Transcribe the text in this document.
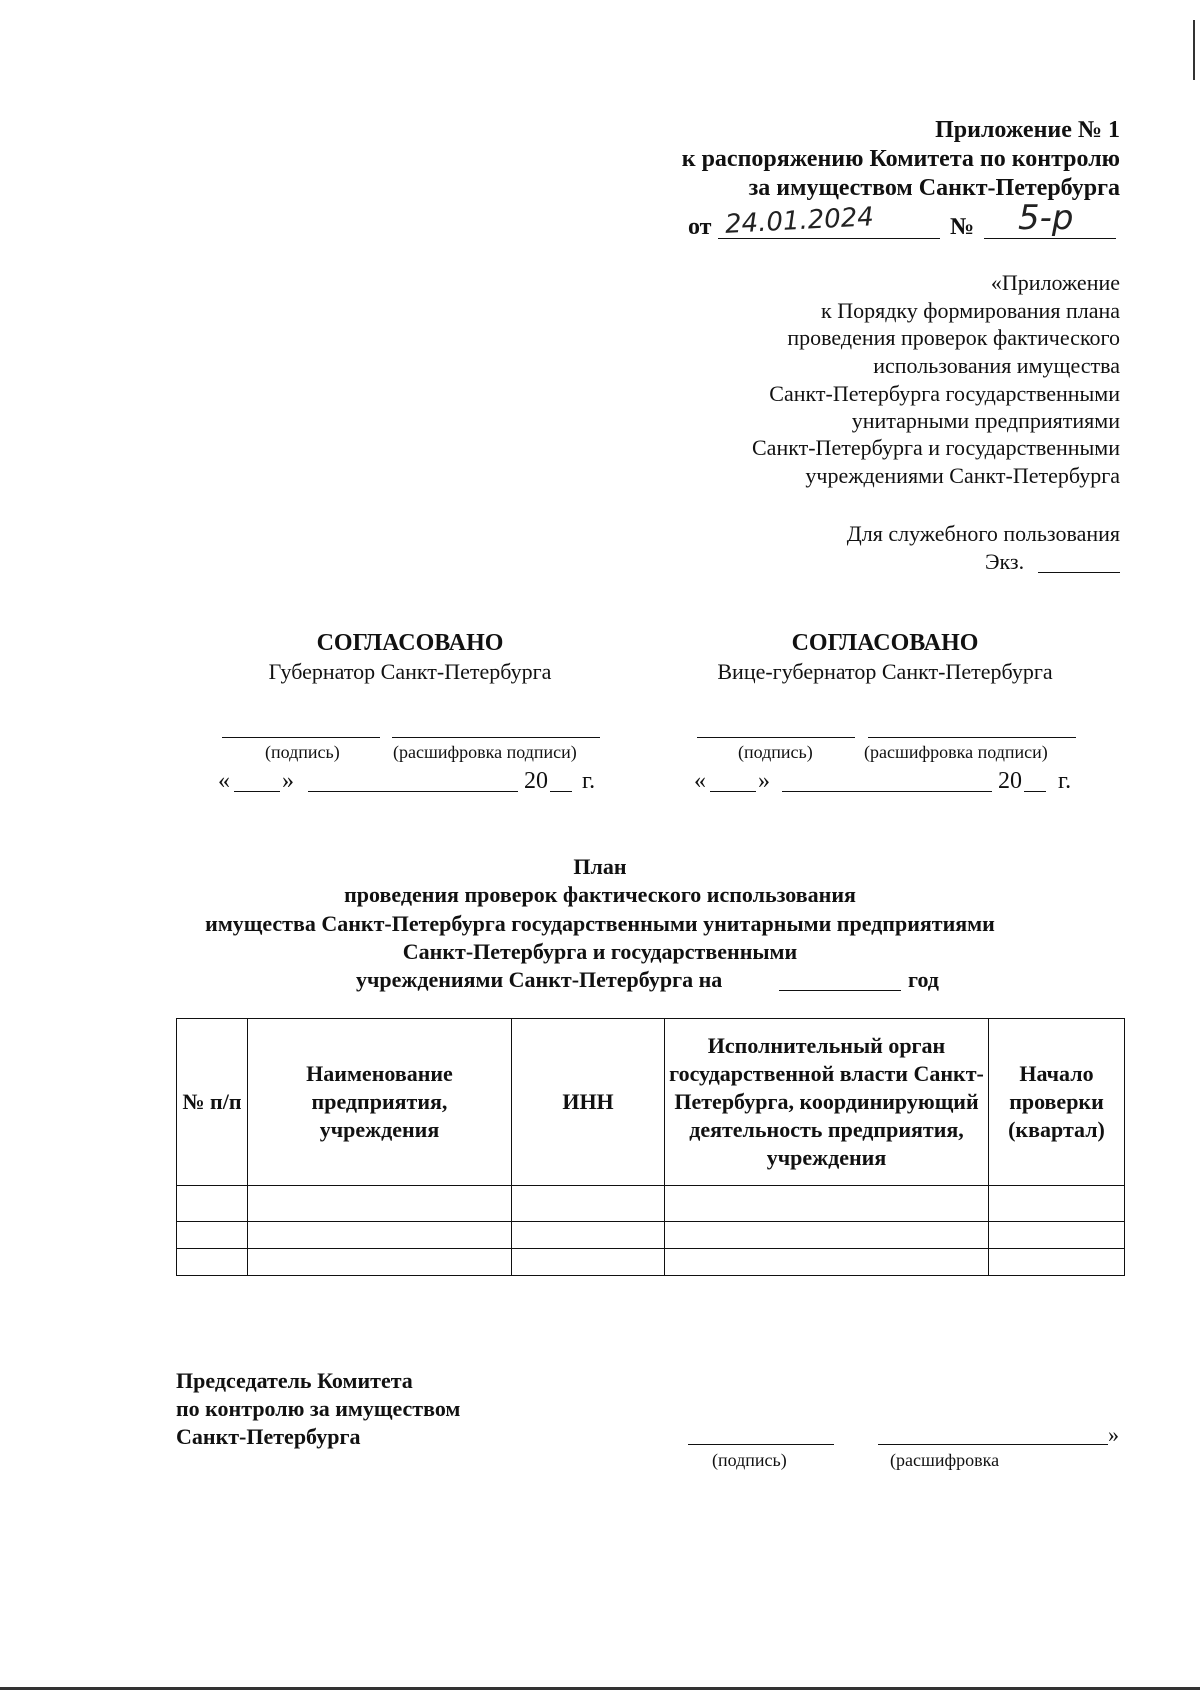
Приложение № 1
к распоряжению Комитета по контролю
за имуществом Санкт-Петербурга
от 24.01.2024	№ 5-р
«Приложение
к Порядку формирования плана
проведения проверок фактического
использования имущества
Санкт-Петербурга государственными
унитарными предприятиями
Санкт-Петербурга и государственными
учреждениями Санкт-Петербурга
Для служебного пользования
Экз.
СОГЛАСОВАНО
Губернатор Санкт-Петербурга
(подпись)	(расшифровка подписи)
« »	20 г.
СОГЛАСОВАНО
Вице-губернатор Санкт-Петербурга
(подпись)	(расшифровка подписи)
« »	20 г.
План
проведения проверок фактического использования
имущества Санкт-Петербурга государственными унитарными предприятиями
Санкт-Петербурга и государственными
учреждениями Санкт-Петербурга на	год
№ п/п	Наименование предприятия, учреждения	ИНН	Исполнительный орган государственной власти Санкт-Петербурга, координирующий деятельность предприятия, учреждения	Начало проверки (квартал)

Председатель Комитета
по контролю за имуществом
Санкт-Петербурга	»
(подпись)	(расшифровка
